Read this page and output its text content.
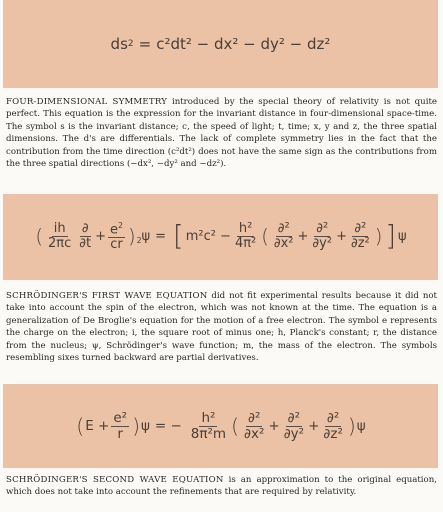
ds 2 = c²dt² − dx² − dy² − dz²

FOUR-DIMENSIONAL SYMMETRY introduced by the special theory of relativity is not quite perfect. This equation is the expression for the invariant distance in four-dimensional space-time. The symbol s is the invariant distance; c, the speed of light; t, time; x, y and z, the three spatial dimensions. The d's are differentials. The lack of complete symmetry lies in the fact that the contribution from the time direction (c²dt²) does not have the same sign as the contributions from the three spatial directions (−dx², −dy² and −dz²).

( ih
2πc
∂
$\partial t + \frac{e^2}{cr} )_2$ ψ = [ $m^2c^2 - \frac{\text{h²}}{\text{4π²}}$ ( ∂²
∂x² +
∂²
∂y² +
∂²
∂z² ) ] ψ

SCHRÖDINGER'S FIRST WAVE EQUATION did not fit experimental results because it did not take into account the spin of the electron, which was not known at the time. The equation is a generalization of De Broglie's equation for the motion of a free electron. The symbol e represents the charge on the electron; i, the square root of minus one; h, Planck's constant; r, the distance from the nucleus; ψ, Schrödinger's wave function; m, the mass of the electron. The symbols resembling sixes turned backward are partial derivatives.

( $E + \frac{\text{e²}}{r}$ ) ψ = − $\frac{\text{h²}}{\text{8π²m}}$ ( ∂²
∂x² +
∂²
∂y² +
∂²
∂z² ) ψ

SCHRÖDINGER'S SECOND WAVE EQUATION is an approximation to the original equation, which does not take into account the refinements that are required by relativity.
